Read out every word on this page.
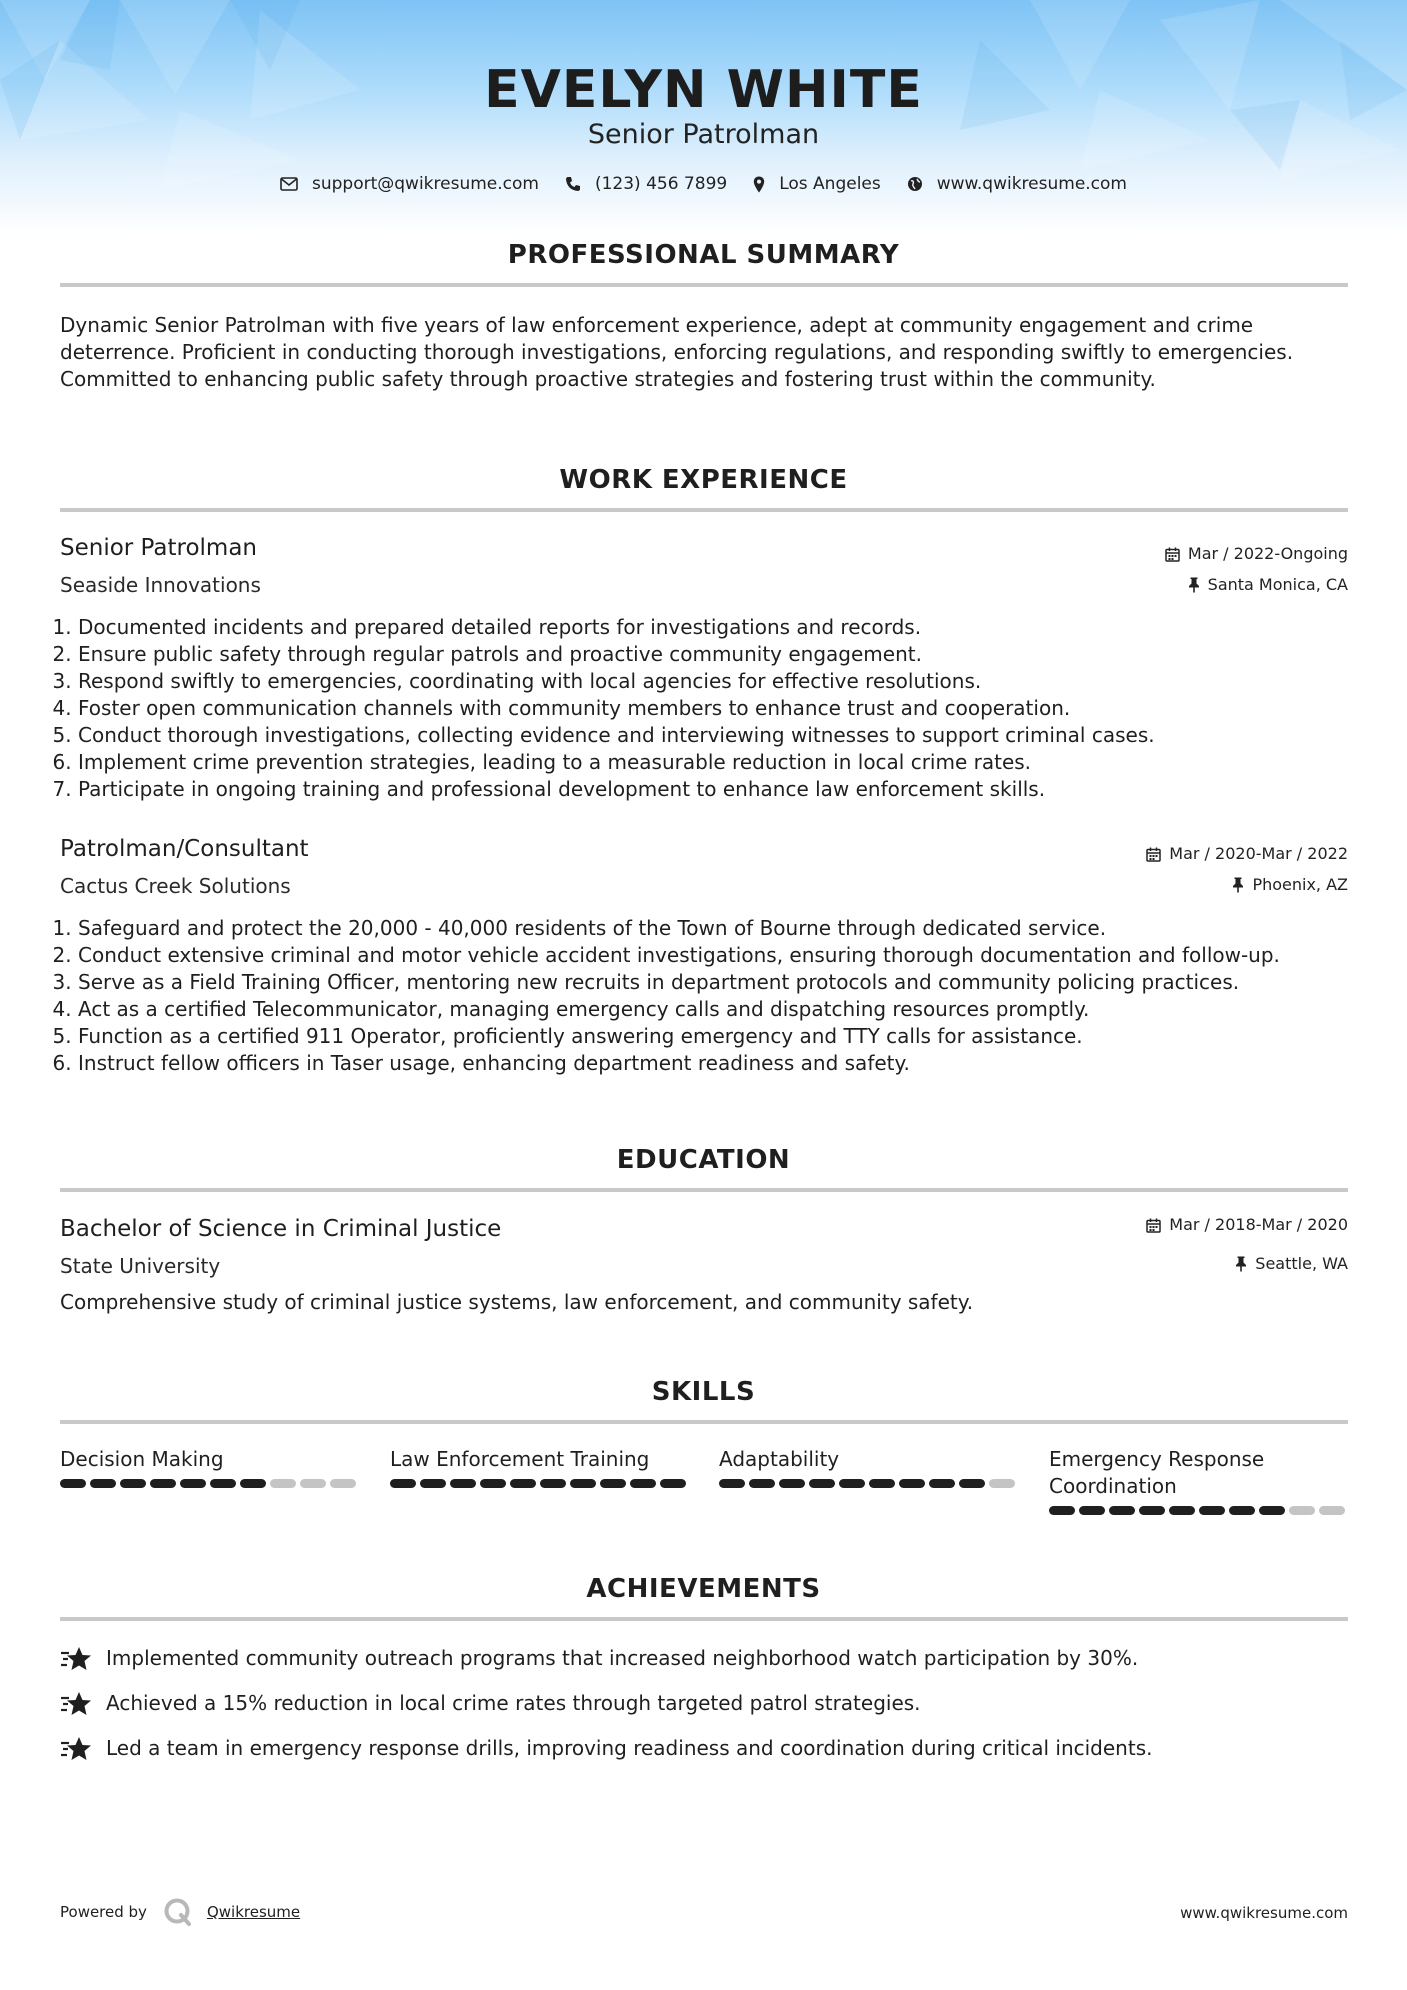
EVELYN WHITE
Senior Patrolman
support@qwikresume.com	(123) 456 7899	Los Angeles	www.qwikresume.com
PROFESSIONAL SUMMARY
Dynamic Senior Patrolman with five years of law enforcement experience, adept at community engagement and crime deterrence. Proficient in conducting thorough investigations, enforcing regulations, and responding swiftly to emergencies. Committed to enhancing public safety through proactive strategies and fostering trust within the community.
WORK EXPERIENCE
Senior Patrolman	Mar / 2022-Ongoing
Seaside Innovations	Santa Monica, CA
1. Documented incidents and prepared detailed reports for investigations and records.
2. Ensure public safety through regular patrols and proactive community engagement.
3. Respond swiftly to emergencies, coordinating with local agencies for effective resolutions.
4. Foster open communication channels with community members to enhance trust and cooperation.
5. Conduct thorough investigations, collecting evidence and interviewing witnesses to support criminal cases.
6. Implement crime prevention strategies, leading to a measurable reduction in local crime rates.
7. Participate in ongoing training and professional development to enhance law enforcement skills.
Patrolman/Consultant	Mar / 2020-Mar / 2022
Cactus Creek Solutions	Phoenix, AZ
1. Safeguard and protect the 20,000 - 40,000 residents of the Town of Bourne through dedicated service.
2. Conduct extensive criminal and motor vehicle accident investigations, ensuring thorough documentation and follow-up.
3. Serve as a Field Training Officer, mentoring new recruits in department protocols and community policing practices.
4. Act as a certified Telecommunicator, managing emergency calls and dispatching resources promptly.
5. Function as a certified 911 Operator, proficiently answering emergency and TTY calls for assistance.
6. Instruct fellow officers in Taser usage, enhancing department readiness and safety.
EDUCATION
Bachelor of Science in Criminal Justice	Mar / 2018-Mar / 2020
State University	Seattle, WA
Comprehensive study of criminal justice systems, law enforcement, and community safety.
SKILLS
Decision Making	Law Enforcement Training	Adaptability	Emergency Response Coordination
ACHIEVEMENTS
Implemented community outreach programs that increased neighborhood watch participation by 30%.
Achieved a 15% reduction in local crime rates through targeted patrol strategies.
Led a team in emergency response drills, improving readiness and coordination during critical incidents.
Powered by	Qwikresume	www.qwikresume.com
